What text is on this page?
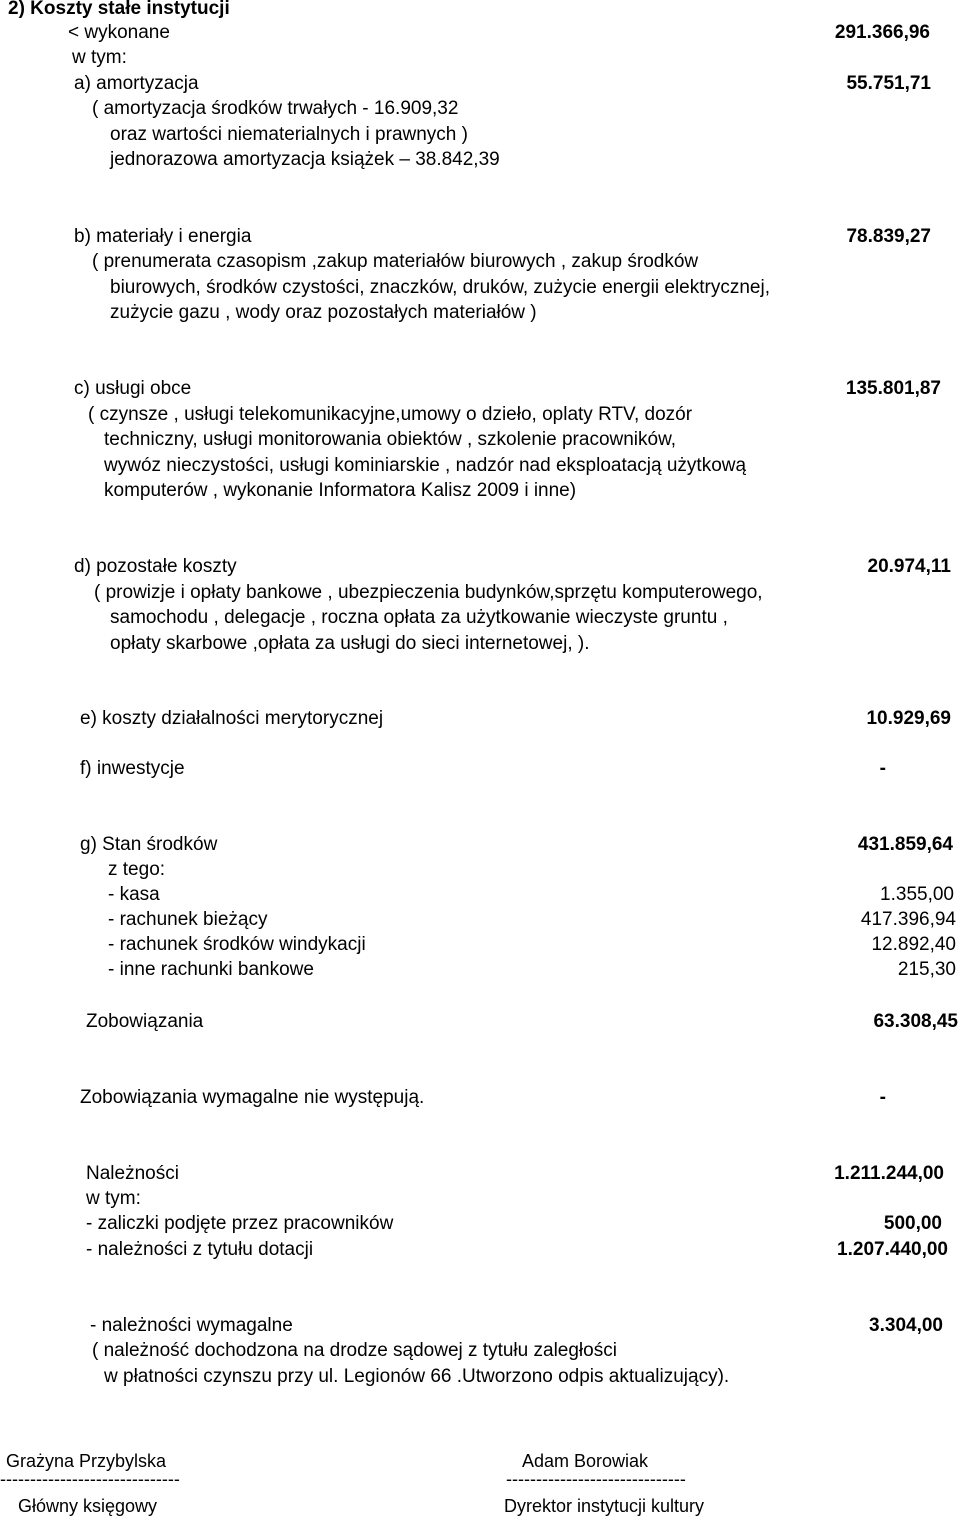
2) Koszty stałe instytucji
< wykonane	291.366,96
w tym:
a) amortyzacja	55.751,71
( amortyzacja środków trwałych - 16.909,32
oraz wartości niematerialnych i prawnych )
jednorazowa amortyzacja książek – 38.842,39
b) materiały i energia	78.839,27
( prenumerata czasopism ,zakup materiałów biurowych , zakup środków
biurowych, środków czystości, znaczków, druków, zużycie energii elektrycznej,
zużycie gazu , wody oraz pozostałych materiałów )
c) usługi obce	135.801,87
( czynsze , usługi telekomunikacyjne,umowy o dzieło, oplaty RTV, dozór
techniczny, usługi monitorowania obiektów , szkolenie pracowników,
wywóz nieczystości, usługi kominiarskie , nadzór nad eksploatacją użytkową
komputerów , wykonanie Informatora Kalisz 2009 i inne)
d) pozostałe koszty	20.974,11
( prowizje i opłaty bankowe , ubezpieczenia budynków,sprzętu komputerowego,
samochodu , delegacje , roczna opłata za użytkowanie wieczyste gruntu ,
opłaty skarbowe ,opłata za usługi do sieci internetowej, ).
e) koszty działalności merytorycznej	10.929,69
f) inwestycje	-
g) Stan środków	431.859,64
z tego:
- kasa	1.355,00
- rachunek bieżący	417.396,94
- rachunek środków windykacji	12.892,40
- inne rachunki bankowe	215,30
Zobowiązania	63.308,45
Zobowiązania wymagalne nie występują.	-
Należności	1.211.244,00
w tym:
- zaliczki podjęte przez pracowników	500,00
- należności z tytułu dotacji	1.207.440,00
- należności wymagalne	3.304,00
( należność dochodzona na drodze sądowej z tytułu zaległości
w płatności czynszu przy ul. Legionów 66 .Utworzono odpis aktualizujący).
Grażyna Przybylska
------------------------------
Główny księgowy
Adam Borowiak
------------------------------
Dyrektor instytucji kultury
